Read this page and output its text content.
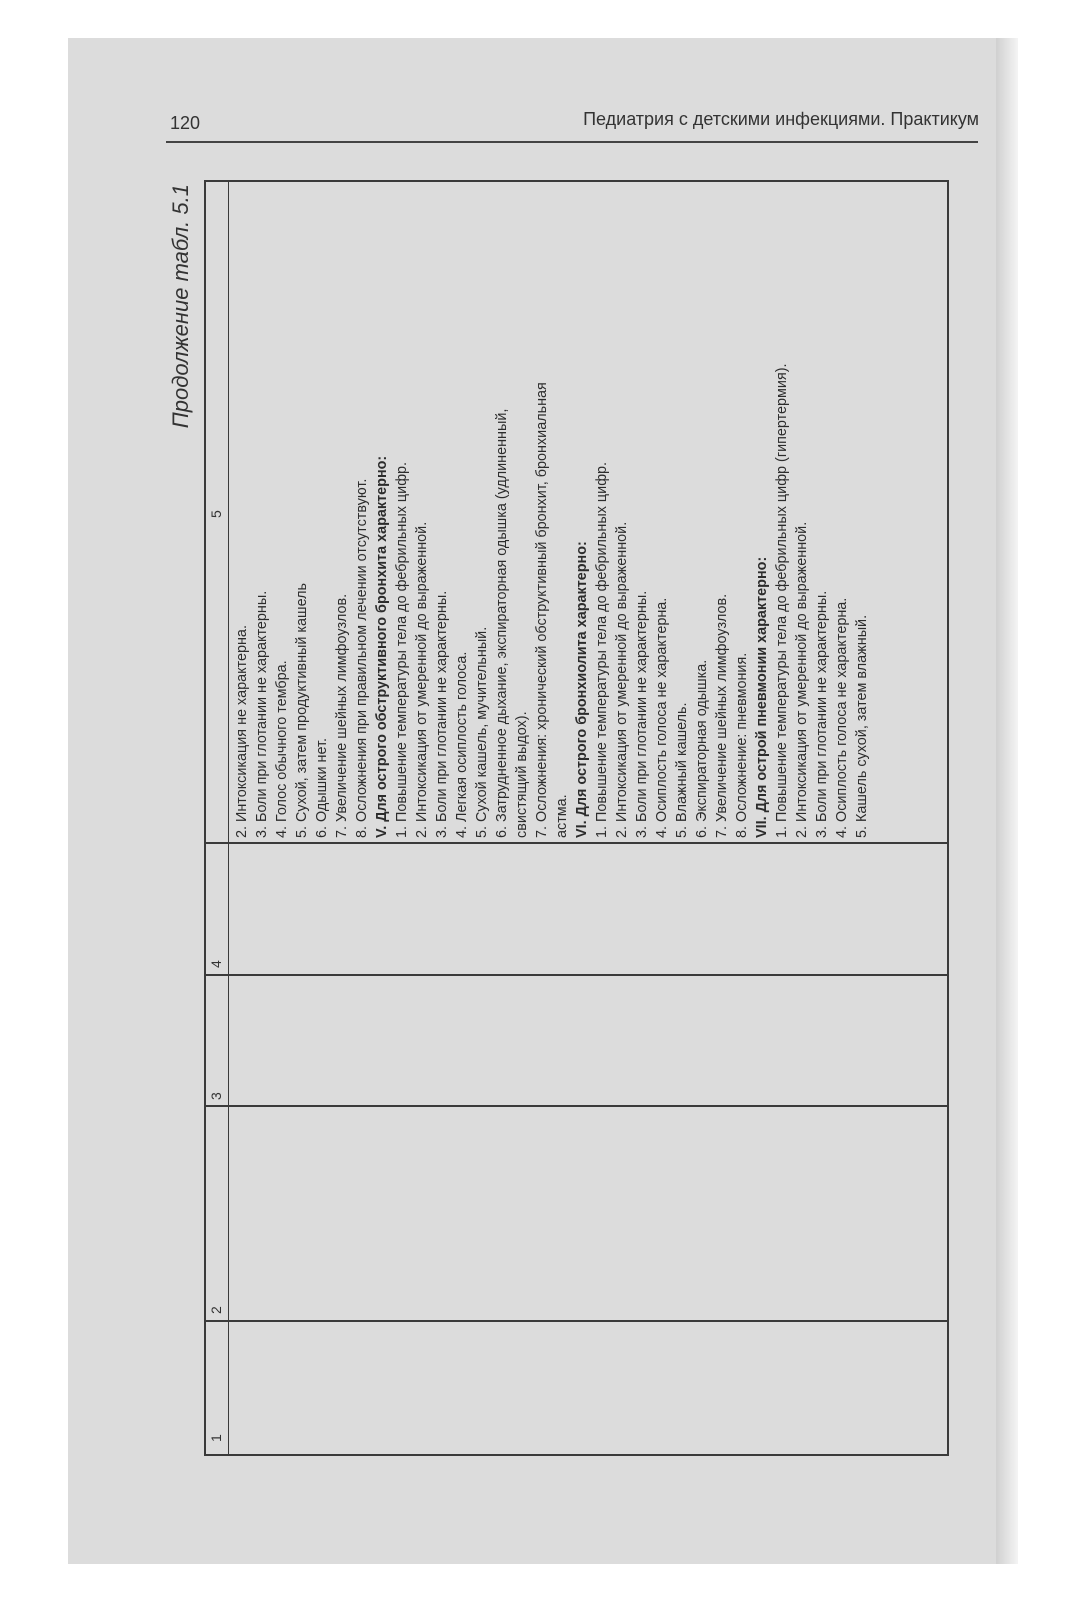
120	Педиатрия с детскими инфекциями. Практикум
Продолжение табл. 5.1
1
2
3
4
5
2. Интоксикация не характерна. 3. Боли при глотании не характерны. 4. Голос обычного тембра. 5. Сухой, затем продуктивный кашель 6. Одышки нет. 7. Увеличение шейных лимфоузлов. 8. Осложнения при правильном лечении отсутствуют. V. Для острого обструктивного бронхита характерно: 1. Повышение температуры тела до фебрильных цифр. 2. Интоксикация от умеренной до выраженной. 3. Боли при глотании не характерны. 4. Легкая осиплость голоса. 5. Сухой кашель, мучительный. 6. Затрудненное дыхание, экспираторная одышка (удлиненный, свистящий выдох). 7. Осложнения: хронический обструктивный бронхит, бронхиальная астма. VI. Для острого бронхиолита характерно: 1. Повышение температуры тела до фебрильных цифр. 2. Интоксикация от умеренной до выраженной. 3. Боли при глотании не характерны. 4. Осиплость голоса не характерна. 5. Влажный кашель. 6. Экспираторная одышка. 7. Увеличение шейных лимфоузлов. 8. Осложнение: пневмония. VII. Для острой пневмонии характерно: 1. Повышение температуры тела до фебрильных цифр (гипертермия). 2. Интоксикация от умеренной до выраженной. 3. Боли при глотании не характерны. 4. Осиплость голоса не характерна. 5. Кашель сухой, затем влажный.
